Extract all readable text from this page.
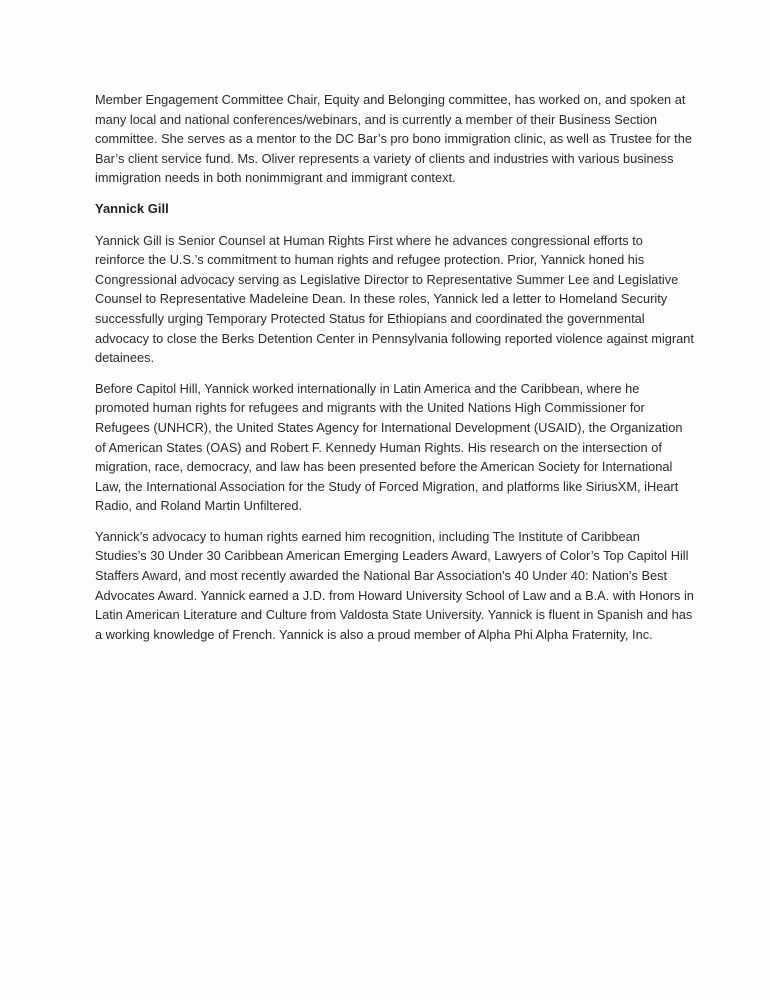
Member Engagement Committee Chair, Equity and Belonging committee, has worked on, and spoken at many local and national conferences/webinars, and is currently a member of their Business Section committee. She serves as a mentor to the DC Bar’s pro bono immigration clinic, as well as Trustee for the Bar’s client service fund. Ms. Oliver represents a variety of clients and industries with various business immigration needs in both nonimmigrant and immigrant context.

Yannick Gill

Yannick Gill is Senior Counsel at Human Rights First where he advances congressional efforts to reinforce the U.S.’s commitment to human rights and refugee protection. Prior, Yannick honed his Congressional advocacy serving as Legislative Director to Representative Summer Lee and Legislative Counsel to Representative Madeleine Dean. In these roles, Yannick led a letter to Homeland Security successfully urging Temporary Protected Status for Ethiopians and coordinated the governmental advocacy to close the Berks Detention Center in Pennsylvania following reported violence against migrant detainees.

Before Capitol Hill, Yannick worked internationally in Latin America and the Caribbean, where he promoted human rights for refugees and migrants with the United Nations High Commissioner for Refugees (UNHCR), the United States Agency for International Development (USAID), the Organization of American States (OAS) and Robert F. Kennedy Human Rights. His research on the intersection of migration, race, democracy, and law has been presented before the American Society for International Law, the International Association for the Study of Forced Migration, and platforms like SiriusXM, iHeart Radio, and Roland Martin Unfiltered.

Yannick’s advocacy to human rights earned him recognition, including The Institute of Caribbean Studies’s 30 Under 30 Caribbean American Emerging Leaders Award, Lawyers of Color’s Top Capitol Hill Staffers Award, and most recently awarded the National Bar Association's 40 Under 40: Nation's Best Advocates Award. Yannick earned a J.D. from Howard University School of Law and a B.A. with Honors in Latin American Literature and Culture from Valdosta State University. Yannick is fluent in Spanish and has a working knowledge of French. Yannick is also a proud member of Alpha Phi Alpha Fraternity, Inc.
